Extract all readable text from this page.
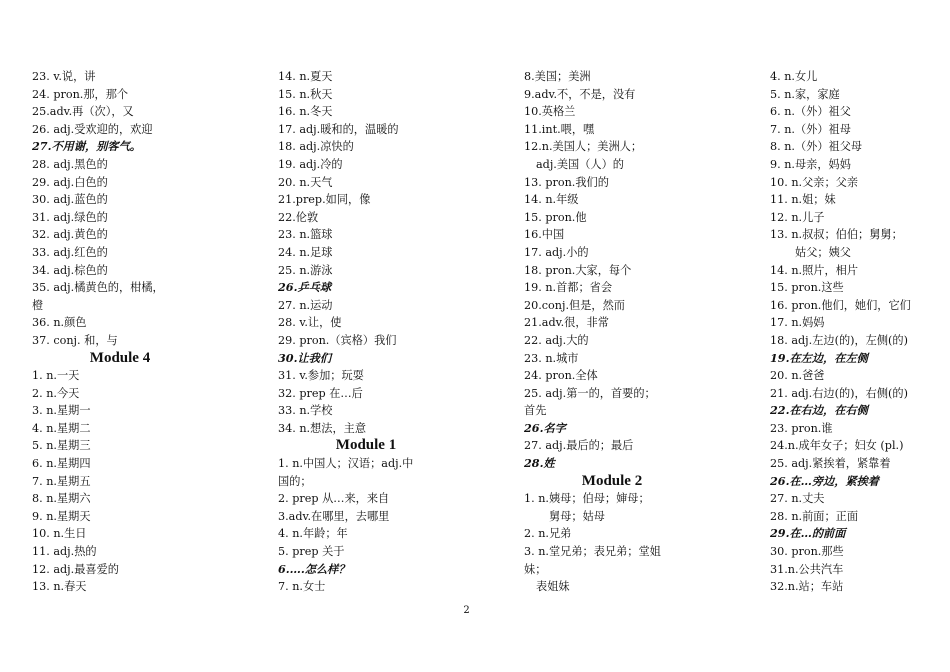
23. v.说，讲
24. pron.那，那个
25.adv.再（次），又
26. adj.受欢迎的，欢迎
27.不用谢，别客气。
28. adj.黑色的
29. adj.白色的
30. adj.蓝色的
31. adj.绿色的
32. adj.黄色的
33. adj.红色的
34. adj.棕色的
35. adj.橘黄色的，柑橘，
橙
36. n.颜色
37. conj. 和，与
Module 4
1. n.一天
2. n.今天
3. n.星期一
4. n.星期二
5. n.星期三
6. n.星期四
7. n.星期五
8. n.星期六
9. n.星期天
10. n.生日
11. adj.热的
12. adj.最喜爱的
13. n.春天
14. n.夏天
15. n.秋天
16. n.冬天
17. adj.暖和的，温暖的
18. adj.凉快的
19. adj.冷的
20. n.天气
21.prep.如同，像
22.伦敦
23. n.篮球
24. n.足球
25. n.游泳
26.乒乓球
27. n.运动
28. v.让，使
29. pron.（宾格）我们
30.让我们
31. v.参加；玩耍
32. prep 在…后
33. n.学校
34. n.想法，主意
Module 1
1. n.中国人；汉语；adj.中
国的；
2. prep 从…来，来自
3.adv.在哪里，去哪里
4. n.年龄；年
5. prep 关于
6.….怎么样？
7. n.女士
8.美国；美洲
9.adv.不，不是，没有
10.英格兰
11.int.喂，嘿
12.n.美国人；美洲人；
adj.美国（人）的
13. pron.我们的
14. n.年级
15. pron.他
16.中国
17. adj.小的
18. pron.大家，每个
19. n.首都；省会
20.conj.但是，然而
21.adv.很，非常
22. adj.大的
23. n.城市
24. pron.全体
25. adj.第一的，首要的；
首先
26.名字
27. adj.最后的；最后
28.姓
Module 2
1. n.姨母；伯母；婶母；
舅母；姑母
2. n.兄弟
3. n.堂兄弟；表兄弟；堂姐
妹；
表姐妹
4. n.女儿
5. n.家，家庭
6. n.（外）祖父
7. n.（外）祖母
8. n.（外）祖父母
9. n.母亲，妈妈
10. n.父亲；父亲
11. n.姐；妹
12. n.儿子
13. n.叔叔；伯伯；舅舅；
姑父；姨父
14. n.照片，相片
15. pron.这些
16. pron.他们，她们，它们
17. n.妈妈
18. adj.左边(的)，左侧(的)
19.在左边，在左侧
20. n.爸爸
21. adj.右边(的)，右侧(的)
22.在右边，在右侧
23. pron.谁
24.n.成年女子；妇女 (pl.)
25. adj.紧挨着，紧靠着
26.在…旁边，紧挨着
27. n.丈夫
28. n.前面；正面
29.在…的前面
30. pron.那些
31.n.公共汽车
32.n.站；车站
2
